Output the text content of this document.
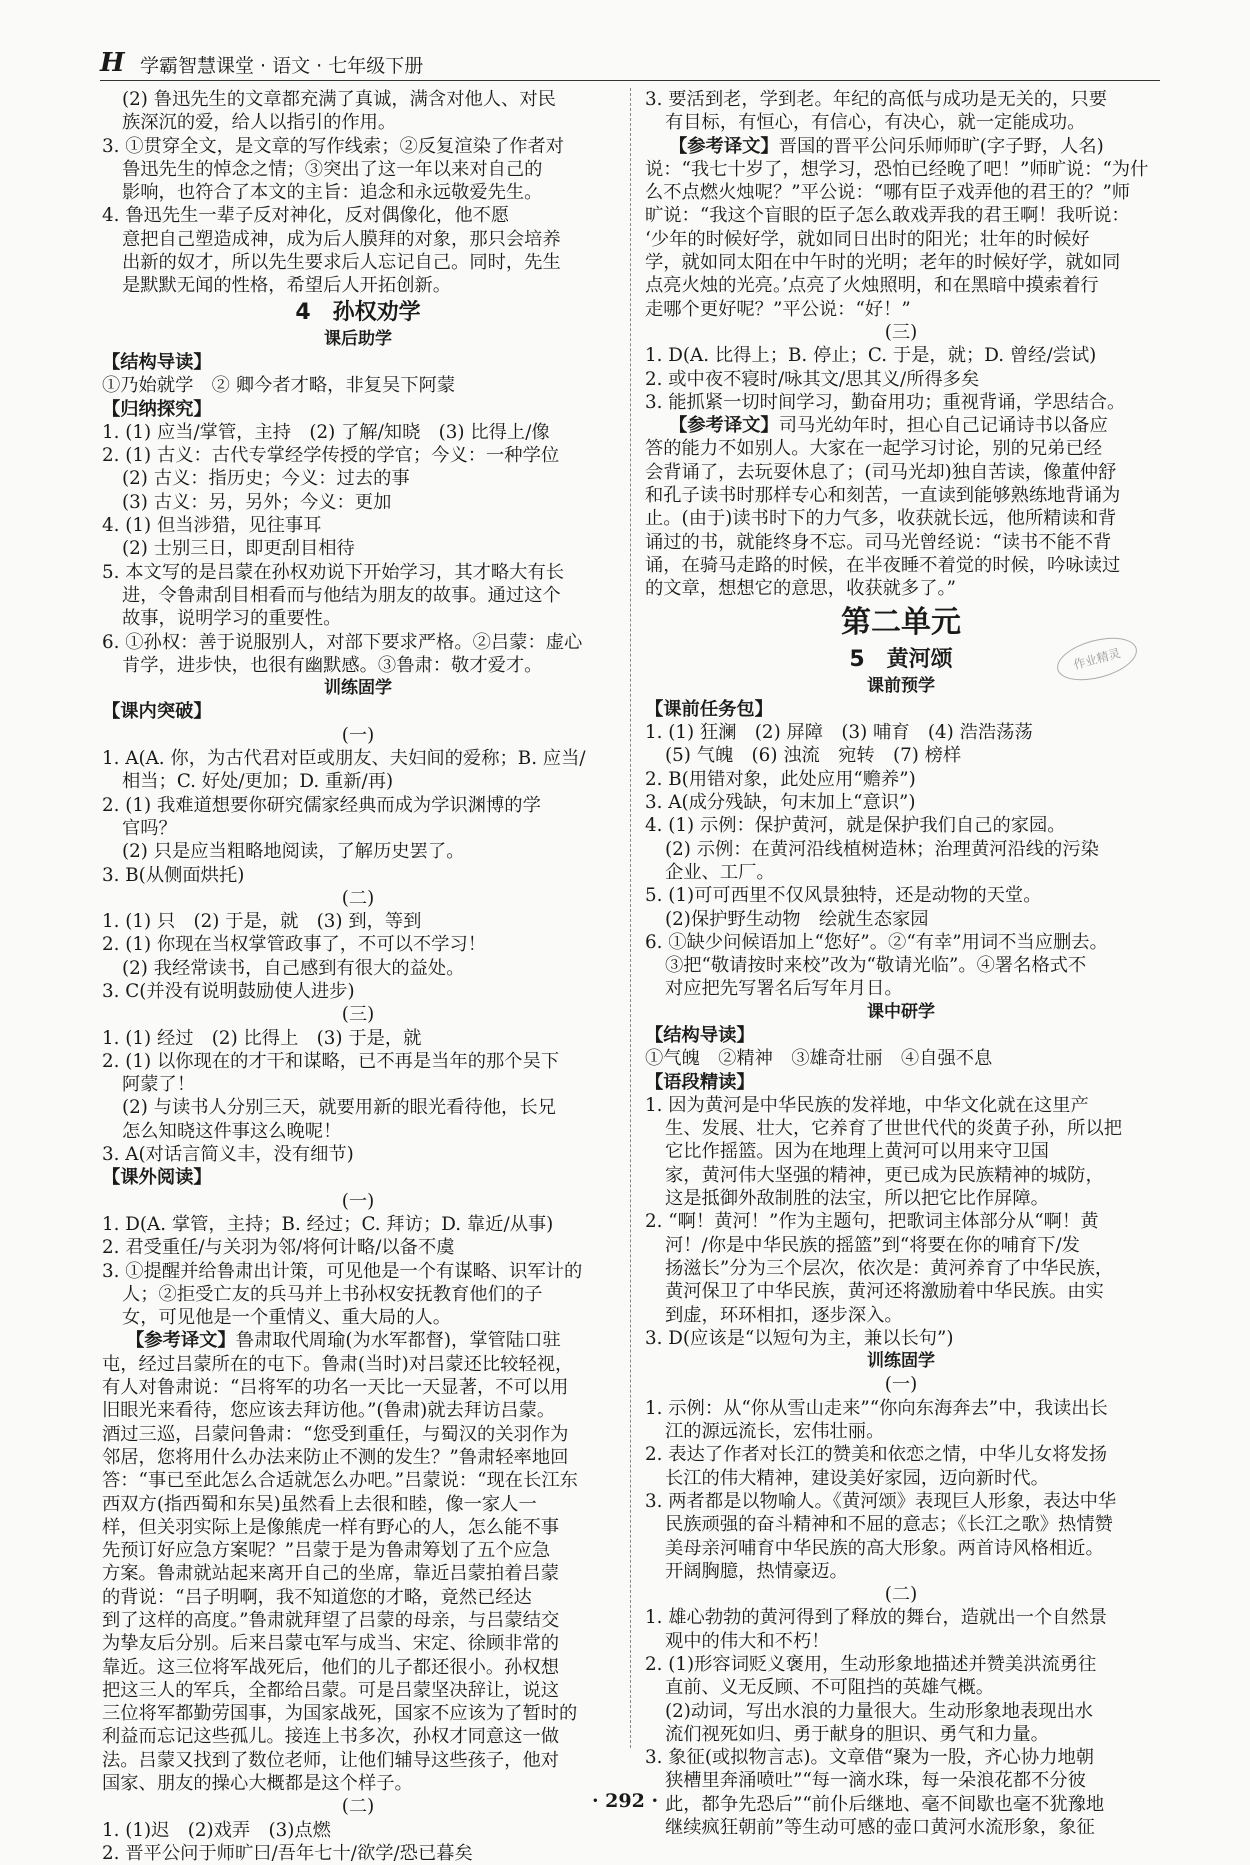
H 学霸智慧课堂 · 语文 · 七年级下册
(2) 鲁迅先生的文章都充满了真诚，满含对他人、对民
族深沉的爱，给人以指引的作用。
3. ①贯穿全文，是文章的写作线索；②反复渲染了作者对
鲁迅先生的悼念之情；③突出了这一年以来对自己的
影响，也符合了本文的主旨：追念和永远敬爱先生。
4. 鲁迅先生一辈子反对神化，反对偶像化，他不愿
意把自己塑造成神，成为后人膜拜的对象，那只会培养
出新的奴才，所以先生要求后人忘记自己。同时，先生
是默默无闻的性格，希望后人开拓创新。
4　孙权劝学
课后助学
【结构导读】
①乃始就学　② 卿今者才略，非复吴下阿蒙
【归纳探究】
1. (1) 应当/掌管，主持　(2) 了解/知晓　(3) 比得上/像
2. (1) 古义：古代专掌经学传授的学官；今义：一种学位
(2) 古义：指历史；今义：过去的事
(3) 古义：另，另外；今义：更加
4. (1) 但当涉猎，见往事耳
(2) 士别三日，即更刮目相待
5. 本文写的是吕蒙在孙权劝说下开始学习，其才略大有长
进，令鲁肃刮目相看而与他结为朋友的故事。通过这个
故事，说明学习的重要性。
6. ①孙权：善于说服别人，对部下要求严格。②吕蒙：虚心
肯学，进步快，也很有幽默感。③鲁肃：敬才爱才。
训练固学
【课内突破】
(一)
1. A(A. 你，为古代君对臣或朋友、夫妇间的爱称；B. 应当/
相当；C. 好处/更加；D. 重新/再)
2. (1) 我难道想要你研究儒家经典而成为学识渊博的学
官吗？
(2) 只是应当粗略地阅读，了解历史罢了。
3. B(从侧面烘托)
(二)
1. (1) 只　(2) 于是，就　(3) 到，等到
2. (1) 你现在当权掌管政事了，不可以不学习！
(2) 我经常读书，自己感到有很大的益处。
3. C(并没有说明鼓励使人进步)
(三)
1. (1) 经过　(2) 比得上　(3) 于是，就
2. (1) 以你现在的才干和谋略，已不再是当年的那个吴下
阿蒙了！
(2) 与读书人分别三天，就要用新的眼光看待他，长兄
怎么知晓这件事这么晚呢！
3. A(对话言简义丰，没有细节)
【课外阅读】
(一)
1. D(A. 掌管，主持；B. 经过；C. 拜访；D. 靠近/从事)
2. 君受重任/与关羽为邻/将何计略/以备不虞
3. ①提醒并给鲁肃出计策，可见他是一个有谋略、识军计的
人；②拒受亡友的兵马并上书孙权安抚教育他们的子
女，可见他是一个重情义、重大局的人。
【参考译文】鲁肃取代周瑜(为水军都督)，掌管陆口驻
屯，经过吕蒙所在的屯下。鲁肃(当时)对吕蒙还比较轻视，
有人对鲁肃说：“吕将军的功名一天比一天显著，不可以用
旧眼光来看待，您应该去拜访他。”(鲁肃)就去拜访吕蒙。
酒过三巡，吕蒙问鲁肃：“您受到重任，与蜀汉的关羽作为
邻居，您将用什么办法来防止不测的发生？”鲁肃轻率地回
答：“事已至此怎么合适就怎么办吧。”吕蒙说：“现在长江东
西双方(指西蜀和东吴)虽然看上去很和睦，像一家人一
样，但关羽实际上是像熊虎一样有野心的人，怎么能不事
先预订好应急方案呢？”吕蒙于是为鲁肃筹划了五个应急
方案。鲁肃就站起来离开自己的坐席，靠近吕蒙拍着吕蒙
的背说：“吕子明啊，我不知道您的才略，竟然已经达
到了这样的高度。”鲁肃就拜望了吕蒙的母亲，与吕蒙结交
为挚友后分别。后来吕蒙屯军与成当、宋定、徐顾非常的
靠近。这三位将军战死后，他们的儿子都还很小。孙权想
把这三人的军兵，全都给吕蒙。可是吕蒙坚决辞让，说这
三位将军都勤劳国事，为国家战死，国家不应该为了暂时的
利益而忘记这些孤儿。接连上书多次，孙权才同意这一做
法。吕蒙又找到了数位老师，让他们辅导这些孩子，他对
国家、朋友的操心大概都是这个样子。
(二)
1. (1)迟　(2)戏弄　(3)点燃
2. 晋平公问于师旷曰/吾年七十/欲学/恐已暮矣
3. 要活到老，学到老。年纪的高低与成功是无关的，只要
有目标，有恒心，有信心，有决心，就一定能成功。
【参考译文】晋国的晋平公问乐师师旷(字子野，人名)
说：“我七十岁了，想学习，恐怕已经晚了吧！”师旷说：“为什
么不点燃火烛呢？”平公说：“哪有臣子戏弄他的君王的？”师
旷说：“我这个盲眼的臣子怎么敢戏弄我的君王啊！我听说：
‘少年的时候好学，就如同日出时的阳光；壮年的时候好
学，就如同太阳在中午时的光明；老年的时候好学，就如同
点亮火烛的光亮。’点亮了火烛照明，和在黑暗中摸索着行
走哪个更好呢？”平公说：“好！”
(三)
1. D(A. 比得上；B. 停止；C. 于是，就；D. 曾经/尝试)
2. 或中夜不寝时/咏其文/思其义/所得多矣
3. 能抓紧一切时间学习，勤奋用功；重视背诵，学思结合。
【参考译文】司马光幼年时，担心自己记诵诗书以备应
答的能力不如别人。大家在一起学习讨论，别的兄弟已经
会背诵了，去玩耍休息了；(司马光却)独自苦读，像董仲舒
和孔子读书时那样专心和刻苦，一直读到能够熟练地背诵为
止。(由于)读书时下的力气多，收获就长远，他所精读和背
诵过的书，就能终身不忘。司马光曾经说：“读书不能不背
诵，在骑马走路的时候，在半夜睡不着觉的时候，吟咏读过
的文章，想想它的意思，收获就多了。”
第二单元
5　黄河颂
课前预学
【课前任务包】
1. (1) 狂澜　(2) 屏障　(3) 哺育　(4) 浩浩荡荡
(5) 气魄　(6) 浊流　宛转　(7) 榜样
2. B(用错对象，此处应用“赡养”)
3. A(成分残缺，句末加上“意识”)
4. (1) 示例：保护黄河，就是保护我们自己的家园。
(2) 示例：在黄河沿线植树造林；治理黄河沿线的污染
企业、工厂。
5. (1)可可西里不仅风景独特，还是动物的天堂。
(2)保护野生动物　绘就生态家园
6. ①缺少问候语加上“您好”。②“有幸”用词不当应删去。
③把“敬请按时来校”改为“敬请光临”。④署名格式不
对应把先写署名后写年月日。
课中研学
【结构导读】
①气魄　②精神　③雄奇壮丽　④自强不息
【语段精读】
1. 因为黄河是中华民族的发祥地，中华文化就在这里产
生、发展、壮大，它养育了世世代代的炎黄子孙，所以把
它比作摇篮。因为在地理上黄河可以用来守卫国
家，黄河伟大坚强的精神，更已成为民族精神的城防，
这是抵御外敌制胜的法宝，所以把它比作屏障。
2. “啊！黄河！”作为主题句，把歌词主体部分从“啊！黄
河！/你是中华民族的摇篮”到“将要在你的哺育下/发
扬滋长”分为三个层次，依次是：黄河养育了中华民族，
黄河保卫了中华民族，黄河还将激励着中华民族。由实
到虚，环环相扣，逐步深入。
3. D(应该是“以短句为主，兼以长句”)
训练固学
(一)
1. 示例：从“你从雪山走来”“你向东海奔去”中，我读出长
江的源远流长，宏伟壮丽。
2. 表达了作者对长江的赞美和依恋之情，中华儿女将发扬
长江的伟大精神，建设美好家园，迈向新时代。
3. 两者都是以物喻人。《黄河颂》表现巨人形象，表达中华
民族顽强的奋斗精神和不屈的意志；《长江之歌》热情赞
美母亲河哺育中华民族的高大形象。两首诗风格相近。
开阔胸臆，热情豪迈。
(二)
1. 雄心勃勃的黄河得到了释放的舞台，造就出一个自然景
观中的伟大和不朽！
2. (1)形容词贬义褒用，生动形象地描述并赞美洪流勇往
直前、义无反顾、不可阻挡的英雄气概。
(2)动词，写出水浪的力量很大。生动形象地表现出水
流们视死如归、勇于献身的胆识、勇气和力量。
3. 象征(或拟物言志)。文章借“聚为一股，齐心协力地朝
狭槽里奔涌喷吐”“每一滴水珠，每一朵浪花都不分彼
此，都争先恐后”“前仆后继地、毫不间歇也毫不犹豫地
继续疯狂朝前”等生动可感的壶口黄河水流形象，象征
作业精灵
· 292 ·
